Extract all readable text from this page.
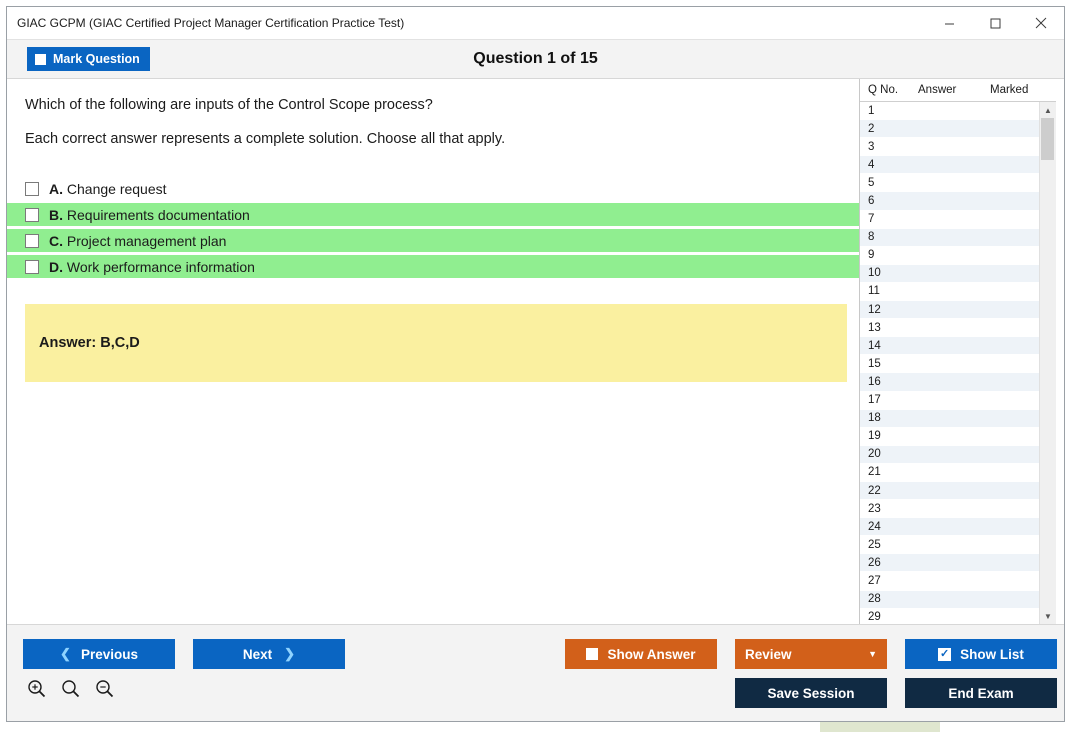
GIAC GCPM (GIAC Certified Project Manager Certification Practice Test)
Mark Question	Question 1 of 15
Which of the following are inputs of the Control Scope process?
Each correct answer represents a complete solution. Choose all that apply.
A. Change request
B. Requirements documentation
C. Project management plan
D. Work performance information
Answer: B,C,D
Q No.	Answer	Marked
1
2
3
4
5
6
7
8
9
10
11
12
13
14
15
16
17
18
19
20
21
22
23
24
25
26
27
28
29
▲
▼
❮ Previous	Next ❯	Show Answer	Review	▼	✓ Show List
Save Session	End Exam
